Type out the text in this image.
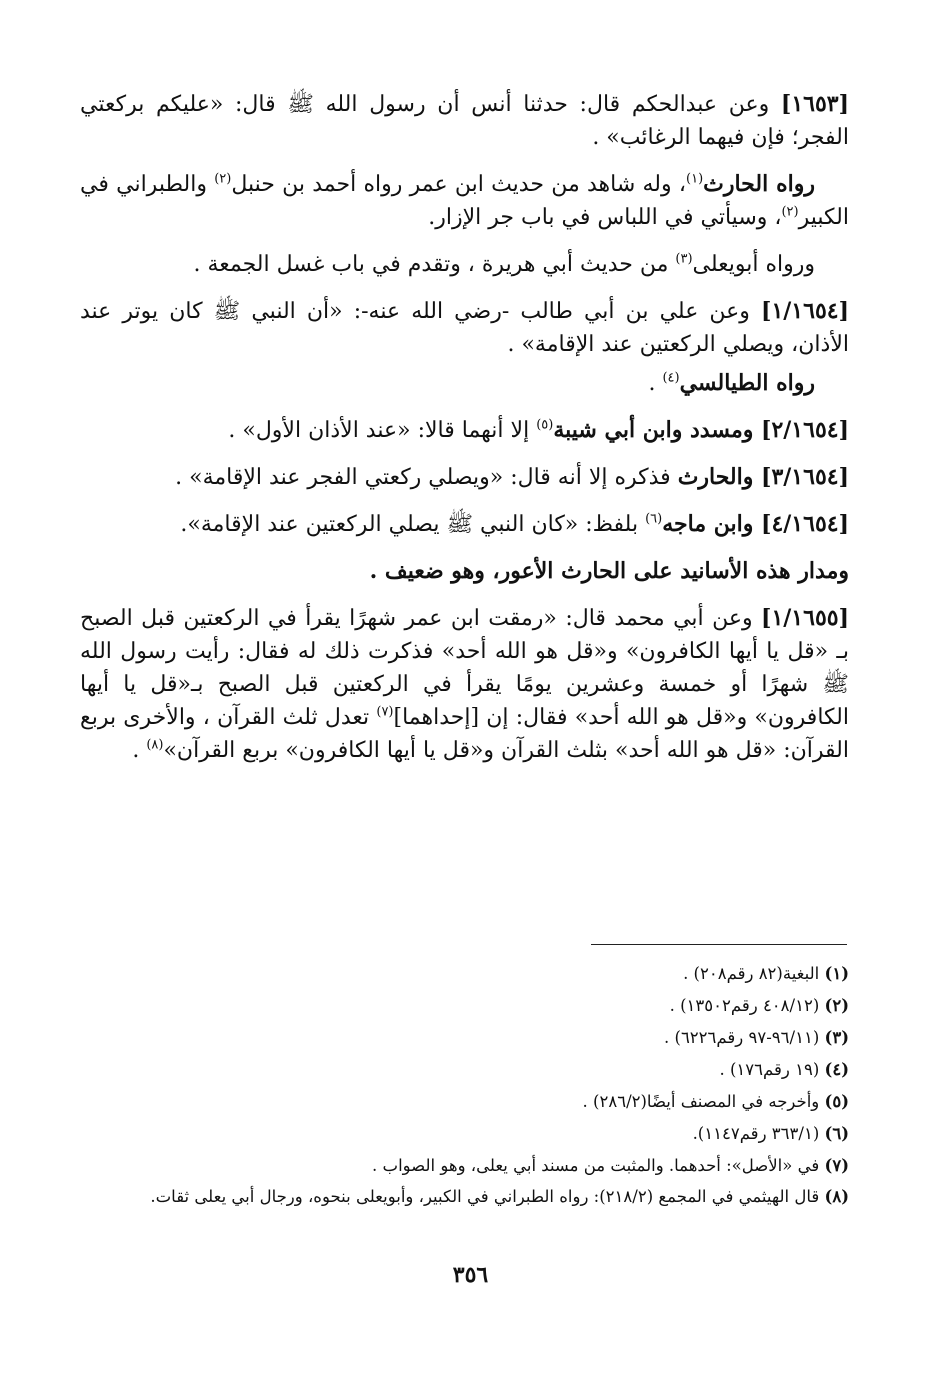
[١٦٥٣] وعن عبدالحكم قال: حدثنا أنس أن رسول الله ﷺ قال: «عليكم بركعتي الفجر؛ فإن فيهما الرغائب» .

رواه الحارث$^{(١)}$، وله شاهد من حديث ابن عمر رواه أحمد بن حنبل$^{(٢)}$ والطبراني في الكبير$^{(٢)}$، وسيأتي في اللباس في باب جر الإزار.

ورواه أبويعلى$^{(٣)}$ من حديث أبي هريرة ، وتقدم في باب غسل الجمعة .

[١/١٦٥٤] وعن علي بن أبي طالب -رضي الله عنه-: «أن النبي ﷺ كان يوتر عند الأذان، ويصلي الركعتين عند الإقامة» .

رواه الطيالسي$^{(٤)}$ .

[٢/١٦٥٤] ومسدد وابن أبي شيبة$^{(٥)}$ إلا أنهما قالا: «عند الأذان الأول» .

[٣/١٦٥٤] والحارث فذكره إلا أنه قال: «ويصلي ركعتي الفجر عند الإقامة» .

[٤/١٦٥٤] وابن ماجه$^{(٦)}$ بلفظ: «كان النبي ﷺ يصلي الركعتين عند الإقامة».

ومدار هذه الأسانيد على الحارث الأعور، وهو ضعيف .

[١/١٦٥٥] وعن أبي محمد قال: «رمقت ابن عمر شهرًا يقرأ في الركعتين قبل الصبح بـ «قل يا أيها الكافرون» و«قل هو الله أحد» فذكرت ذلك له فقال: رأيت رسول الله ﷺ شهرًا أو خمسة وعشرين يومًا يقرأ في الركعتين قبل الصبح بـ«قل يا أيها الكافرون» و«قل هو الله أحد» فقال: إن [إحداهما]$^{(٧)}$ تعدل ثلث القرآن ، والأخرى بربع القرآن: «قل هو الله أحد» بثلث القرآن و«قل يا أيها الكافرون» بربع القرآن»$^{(٨)}$ .

(١) البغية(٨٢ رقم٢٠٨) .

(٢) (٤٠٨/١٢ رقم١٣٥٠٢) .

(٣) (٩٦/١١-٩٧ رقم٦٢٢٦) .

(٤) (١٩ رقم١٧٦) .

(٥) وأخرجه في المصنف أيضًا(٢٨٦/٢) .

(٦) (٣٦٣/١ رقم١١٤٧).

(٧) في «الأصل»: أحدهما. والمثبت من مسند أبي يعلى، وهو الصواب .

(٨) قال الهيثمي في المجمع (٢١٨/٢): رواه الطبراني في الكبير، وأبويعلى بنحوه، ورجال أبي يعلى ثقات.

٣٥٦
